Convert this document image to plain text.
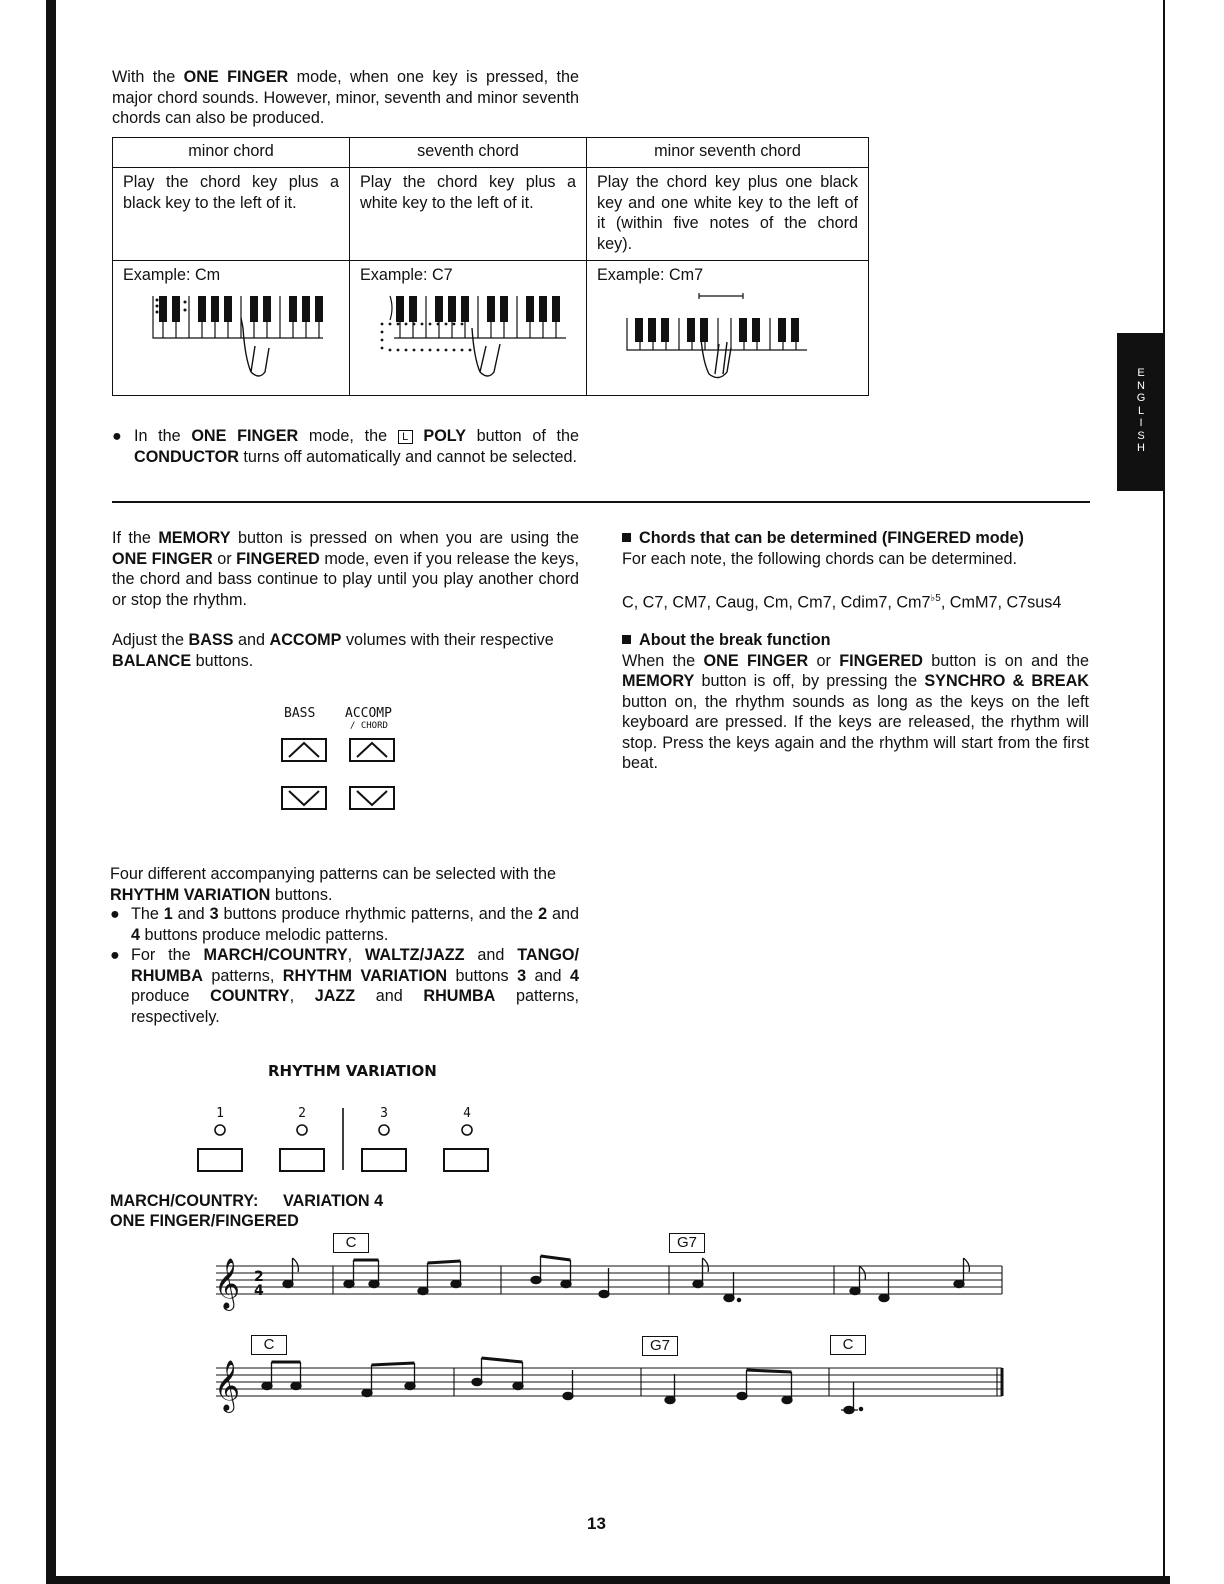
E
N
G
L
I
S
H
With the ONE FINGER mode, when one key is pressed, the major chord sounds. However, minor, seventh and minor seventh chords can also be produced.
minor chord	seventh chord	minor seventh chord
Play the chord key plus a black key to the left of it.	Play the chord key plus a white key to the left of it.	Play the chord key plus one black key and one white key to the left of it (within five notes of the chord key).

Example: Cm	Example: C7	Example: Cm7
● In the ONE FINGER mode, the L POLY button of the CONDUCTOR turns off automatically and cannot be selected.
If the MEMORY button is pressed on when you are using the ONE FINGER or FINGERED mode, even if you release the keys, the chord and bass continue to play until you play another chord or stop the rhythm.
Adjust the BASS and ACCOMP volumes with their respective BALANCE buttons.
BASS ACCOMP
/ CHORD
Four different accompanying patterns can be selected with the RHYTHM VARIATION buttons.
● The 1 and 3 buttons produce rhythmic patterns, and the 2 and 4 buttons produce melodic patterns.
● For the MARCH/COUNTRY, WALTZ/JAZZ and TANGO/ RHUMBA patterns, RHYTHM VARIATION buttons 3 and 4 produce COUNTRY, JAZZ and RHUMBA patterns, respectively.
RHYTHM VARIATION
1	2	3	4
MARCH/COUNTRY: VARIATION 4
ONE FINGER/FINGERED
C	G7
C	G7	C
𝄞 2
4
𝄞
Chords that can be determined (FINGERED mode)
For each note, the following chords can be determined.
C, C7, CM7, Caug, Cm, Cm7, Cdim7, $Cm7^{♭5}$, CmM7, C7sus4
About the break function
When the ONE FINGER or FINGERED button is on and the MEMORY button is off, by pressing the SYNCHRO & BREAK button on, the rhythm sounds as long as the keys on the left keyboard are pressed. If the keys are released, the rhythm will stop. Press the keys again and the rhythm will start from the first beat.
13
